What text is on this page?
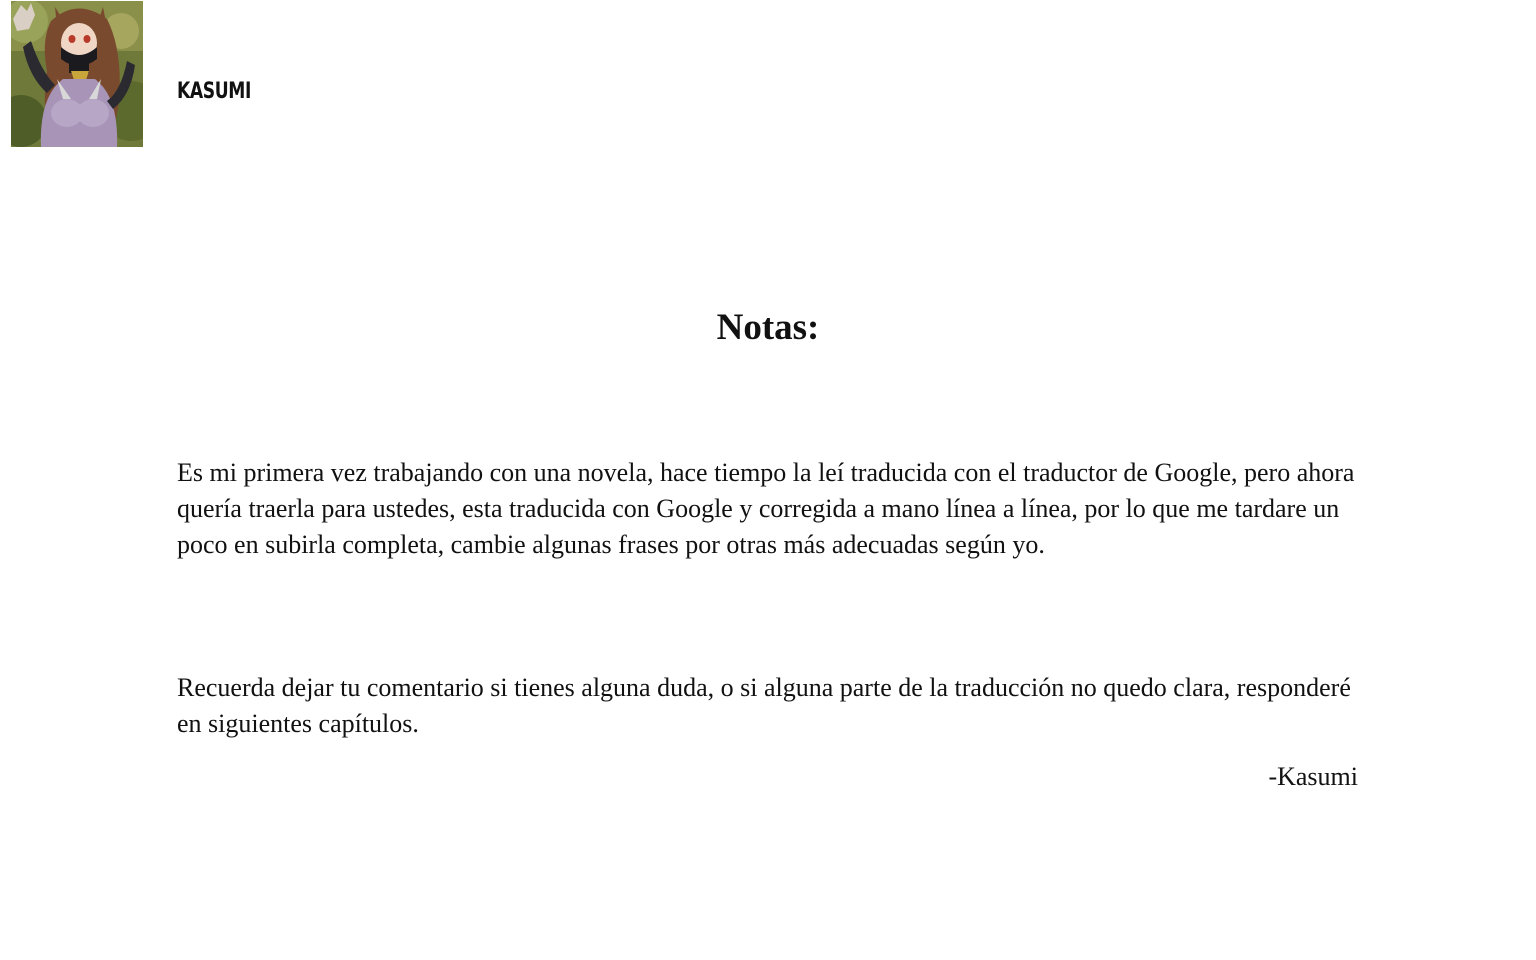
KASUMI
Notas:

Es mi primera vez trabajando con una novela, hace tiempo la leí traducida con el traductor de Google, pero ahora quería traerla para ustedes, esta traducida con Google y corregida a mano línea a línea, por lo que me tardare un poco en subirla completa, cambie algunas frases por otras más adecuadas según yo.

Recuerda dejar tu comentario si tienes alguna duda, o si alguna parte de la traducción no quedo clara, responderé en siguientes capítulos.

-Kasumi
